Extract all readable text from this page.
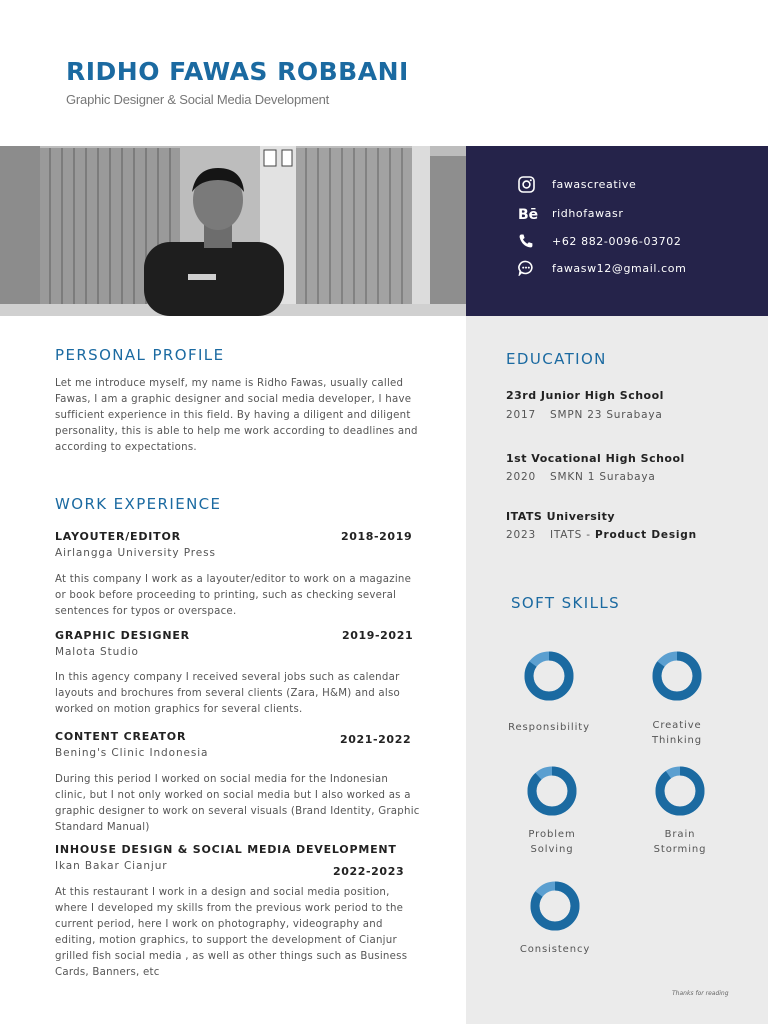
RIDHO FAWAS ROBBANI
Graphic Designer & Social Media Development
fawascreative
Bē ridhofawasr
+62 882-0096-03702
fawasw12@gmail.com
PERSONAL PROFILE
Let me introduce myself, my name is Ridho Fawas, usually called Fawas, I am a graphic designer and social media developer, I have sufficient experience in this field. By having a diligent and diligent personality, this is able to help me work according to deadlines and according to expectations.
WORK EXPERIENCE
LAYOUTER/EDITOR	2018-2019
Airlangga University Press
At this company I work as a layouter/editor to work on a magazine or book before proceeding to printing, such as checking several sentences for typos or overspace.
GRAPHIC DESIGNER	2019-2021
Malota Studio
In this agency company I received several jobs such as calendar layouts and brochures from several clients (Zara, H&M) and also worked on motion graphics for several clients.
CONTENT CREATOR	2021-2022
Bening's Clinic Indonesia
During this period I worked on social media for the Indonesian clinic, but I not only worked on social media but I also worked as a graphic designer to work on several visuals (Brand Identity, Graphic Standard Manual)
INHOUSE DESIGN & SOCIAL MEDIA DEVELOPMENT
2022-2023
Ikan Bakar Cianjur
At this restaurant I work in a design and social media position, where I developed my skills from the previous work period to the current period, here I work on photography, videography and editing, motion graphics, to support the development of Cianjur grilled fish social media , as well as other things such as Business Cards, Banners, etc
EDUCATION
23rd Junior High School
2017 SMPN 23 Surabaya
1st Vocational High School
2020 SMKN 1 Surabaya
ITATS University
2023 ITATS - Product Design
SOFT SKILLS
Responsibility	Creative
Thinking
Problem
Solving
Brain
Storming
Consistency
Thanks for reading
